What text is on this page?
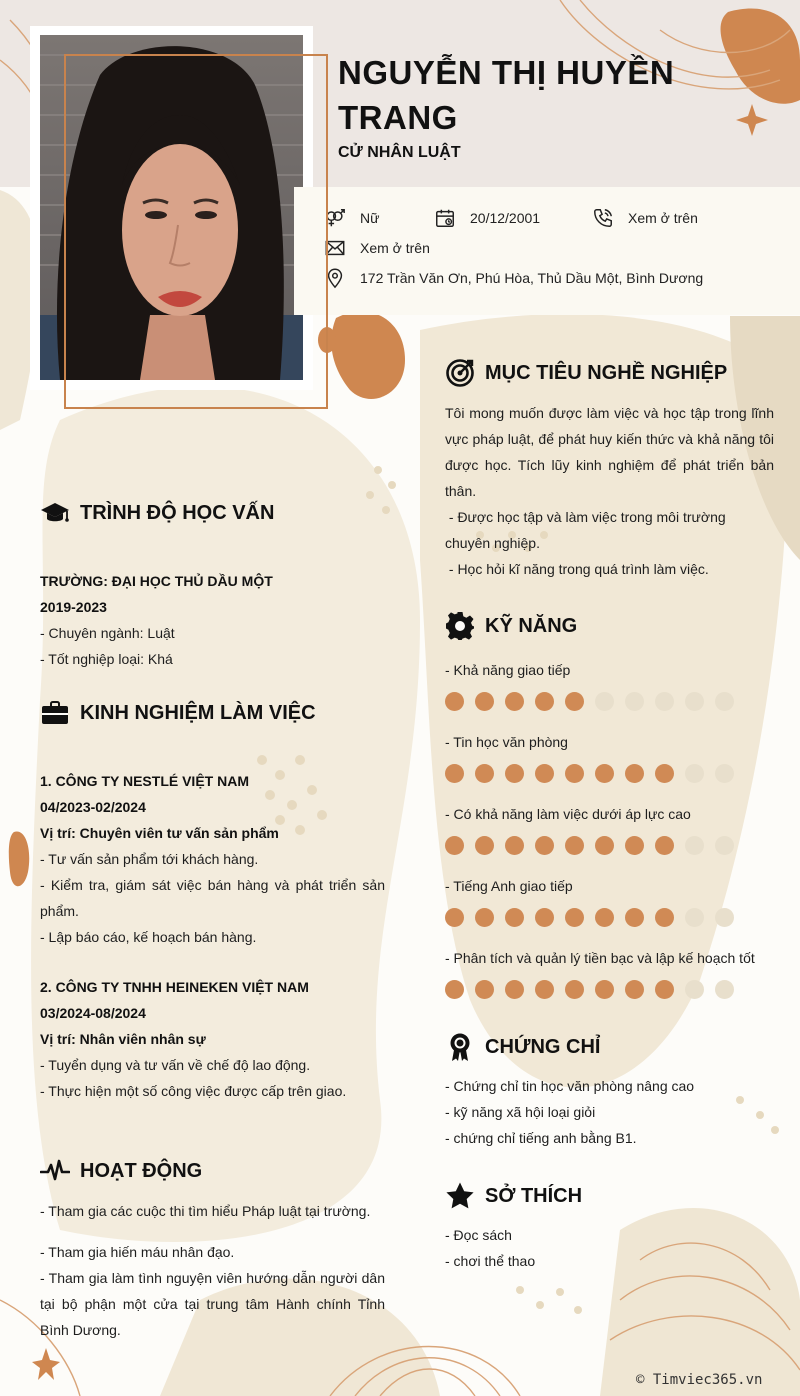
NGUYỄN THỊ HUYỀN TRANG
CỬ NHÂN LUẬT
Nữ	20/12/2001	Xem ở trên
Xem ở trên
172 Trần Văn Ơn, Phú Hòa, Thủ Dầu Một, Bình Dương
TRÌNH ĐỘ HỌC VẤN
TRƯỜNG: ĐẠI HỌC THỦ DẦU MỘT
2019-2023
- Chuyên ngành: Luật
- Tốt nghiệp loại: Khá
KINH NGHIỆM LÀM VIỆC
1. CÔNG TY NESTLÉ VIỆT NAM
04/2023-02/2024
Vị trí: Chuyên viên tư vấn sản phẩm
- Tư vấn sản phẩm tới khách hàng.
- Kiểm tra, giám sát việc bán hàng và phát triển sản phẩm.
- Lập báo cáo, kế hoạch bán hàng.
2. CÔNG TY TNHH HEINEKEN VIỆT NAM
03/2024-08/2024
Vị trí: Nhân viên nhân sự
- Tuyển dụng và tư vấn về chế độ lao động.
- Thực hiện một số công việc được cấp trên giao.
HOẠT ĐỘNG
- Tham gia các cuộc thi tìm hiểu Pháp luật tại trường.
- Tham gia hiến máu nhân đạo.
- Tham gia làm tình nguyện viên hướng dẫn người dân tại bộ phận một cửa tại trung tâm Hành chính Tỉnh Bình Dương.
MỤC TIÊU NGHỀ NGHIỆP
Tôi mong muốn được làm việc và học tập trong lĩnh vực pháp luật, để phát huy kiến thức và khả năng tôi được học. Tích lũy kinh nghiệm để phát triển bản thân.
- Được học tập và làm việc trong môi trường chuyên nghiệp.
- Học hỏi kĩ năng trong quá trình làm việc.
KỸ NĂNG
- Khả năng giao tiếp
- Tin học văn phòng
- Có khả năng làm việc dưới áp lực cao
- Tiếng Anh giao tiếp
- Phân tích và quản lý tiền bạc và lập kế hoạch tốt
CHỨNG CHỈ
- Chứng chỉ tin học văn phòng nâng cao
- kỹ năng xã hội loại giỏi
- chứng chỉ tiếng anh bằng B1.
SỞ THÍCH
- Đọc sách
- chơi thể thao
© Timviec365.vn
